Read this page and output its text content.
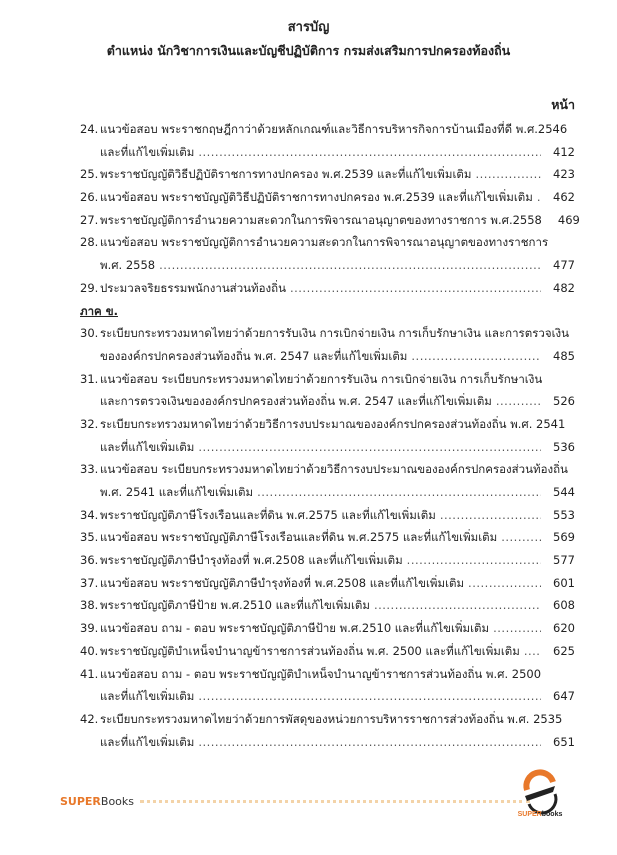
สารบัญ
ตำแหน่ง นักวิชาการเงินและบัญชีปฏิบัติการ กรมส่งเสริมการปกครองท้องถิ่น
หน้า
24. แนวข้อสอบ พระราชกฤษฎีกาว่าด้วยหลักเกณฑ์และวิธีการบริหารกิจการบ้านเมืองที่ดี พ.ศ.2546
และที่แก้ไขเพิ่มเติม .....	412
25. พระราชบัญญัติวิธีปฏิบัติราชการทางปกครอง พ.ศ.2539 และที่แก้ไขเพิ่มเติม .....	423
26. แนวข้อสอบ พระราชบัญญัติวิธีปฏิบัติราชการทางปกครอง พ.ศ.2539 และที่แก้ไขเพิ่มเติม .....	462
27. พระราชบัญญัติการอำนวยความสะดวกในการพิจารณาอนุญาตของทางราชการ พ.ศ.2558	469
28. แนวข้อสอบ พระราชบัญญัติการอำนวยความสะดวกในการพิจารณาอนุญาตของทางราชการ
พ.ศ. 2558 .....	477
29. ประมวลจริยธรรมพนักงานส่วนท้องถิ่น .....	482
ภาค ข.
30. ระเบียบกระทรวงมหาดไทยว่าด้วยการรับเงิน การเบิกจ่ายเงิน การเก็บรักษาเงิน และการตรวจเงิน
ขององค์กรปกครองส่วนท้องถิ่น พ.ศ. 2547 และที่แก้ไขเพิ่มเติม .....	485
31. แนวข้อสอบ ระเบียบกระทรวงมหาดไทยว่าด้วยการรับเงิน การเบิกจ่ายเงิน การเก็บรักษาเงิน
และการตรวจเงินขององค์กรปกครองส่วนท้องถิ่น พ.ศ. 2547 และที่แก้ไขเพิ่มเติม .....	526
32. ระเบียบกระทรวงมหาดไทยว่าด้วยวิธีการงบประมาณขององค์กรปกครองส่วนท้องถิ่น พ.ศ. 2541
และที่แก้ไขเพิ่มเติม .....	536
33. แนวข้อสอบ ระเบียบกระทรวงมหาดไทยว่าด้วยวิธีการงบประมาณขององค์กรปกครองส่วนท้องถิ่น
พ.ศ. 2541 และที่แก้ไขเพิ่มเติม .....	544
34. พระราชบัญญัติภาษีโรงเรือนและที่ดิน พ.ศ.2575 และที่แก้ไขเพิ่มเติม .....	553
35. แนวข้อสอบ พระราชบัญญัติภาษีโรงเรือนและที่ดิน พ.ศ.2575 และที่แก้ไขเพิ่มเติม .....	569
36. พระราชบัญญัติภาษีบำรุงท้องที่ พ.ศ.2508 และที่แก้ไขเพิ่มเติม .....	577
37. แนวข้อสอบ พระราชบัญญัติภาษีบำรุงท้องที่ พ.ศ.2508 และที่แก้ไขเพิ่มเติม .....	601
38. พระราชบัญญัติภาษีป้าย พ.ศ.2510 และที่แก้ไขเพิ่มเติม .....	608
39. แนวข้อสอบ ถาม - ตอบ พระราชบัญญัติภาษีป้าย พ.ศ.2510 และที่แก้ไขเพิ่มเติม .....	620
40. พระราชบัญญัติบำเหน็จบำนาญข้าราชการส่วนท้องถิ่น พ.ศ. 2500 และที่แก้ไขเพิ่มเติม .....	625
41. แนวข้อสอบ ถาม - ตอบ พระราชบัญญัติบำเหน็จบำนาญข้าราชการส่วนท้องถิ่น พ.ศ. 2500
และที่แก้ไขเพิ่มเติม .....	647
42. ระเบียบกระทรวงมหาดไทยว่าด้วยการพัสดุของหน่วยการบริหารราชการส่วงท้องถิ่น พ.ศ. 2535
และที่แก้ไขเพิ่มเติม .....	651
SUPERBooks
SUPERbooks
